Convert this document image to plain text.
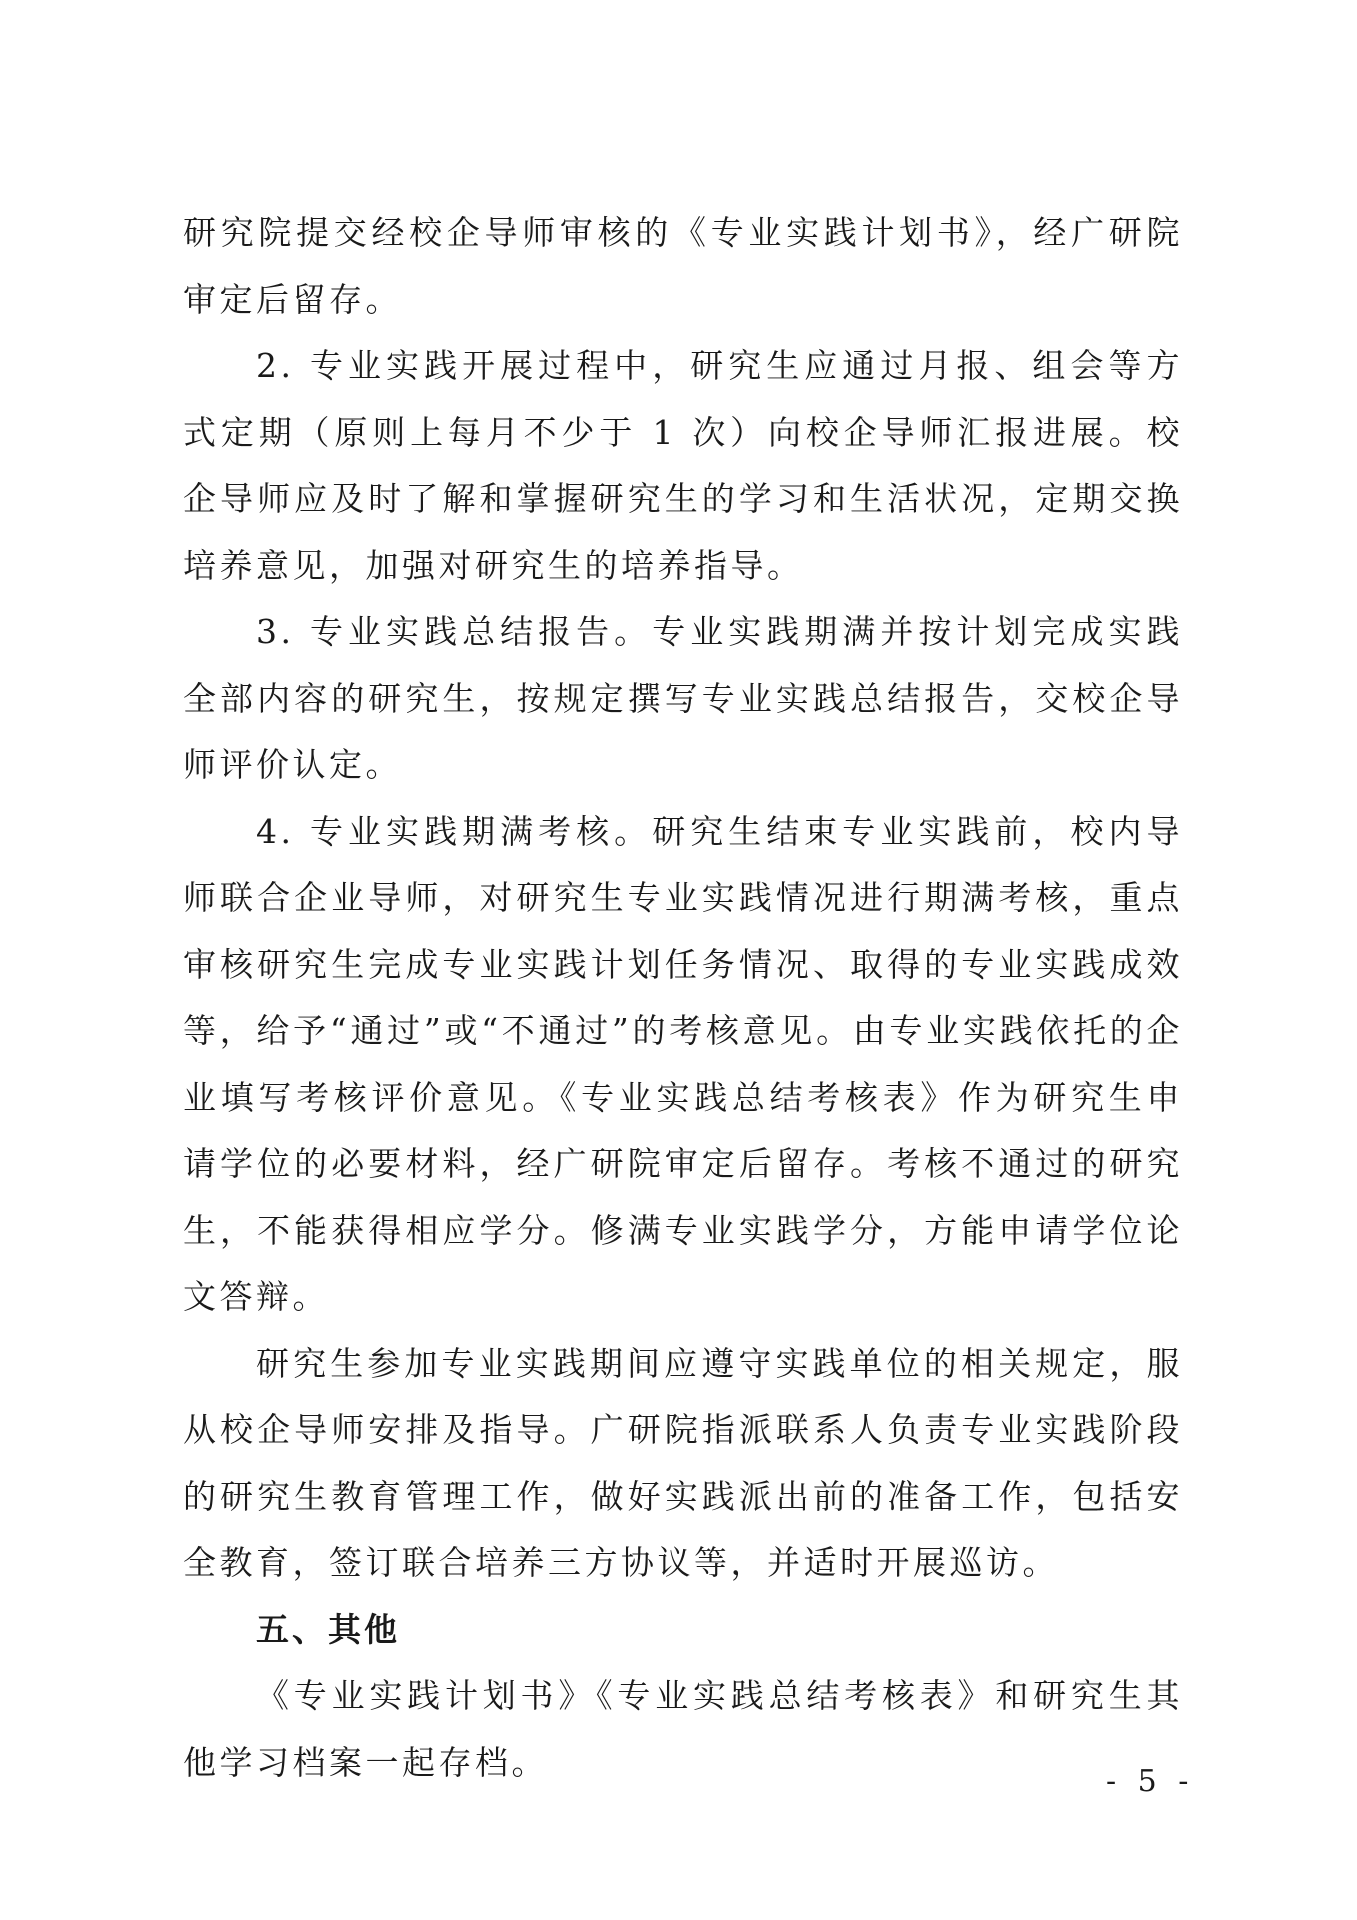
研究院提交经校企导师审核的《专业实践计划书》，经广研院审定后留存。

2. 专业实践开展过程中，研究生应通过月报、组会等方式定期（原则上每月不少于 1 次）向校企导师汇报进展。校企导师应及时了解和掌握研究生的学习和生活状况，定期交换培养意见，加强对研究生的培养指导。

3. 专业实践总结报告。专业实践期满并按计划完成实践全部内容的研究生，按规定撰写专业实践总结报告，交校企导师评价认定。

4. 专业实践期满考核。研究生结束专业实践前，校内导师联合企业导师，对研究生专业实践情况进行期满考核，重点审核研究生完成专业实践计划任务情况、取得的专业实践成效等，给予“通过”或“不通过”的考核意见。由专业实践依托的企业填写考核评价意见。《专业实践总结考核表》作为研究生申请学位的必要材料，经广研院审定后留存。考核不通过的研究生，不能获得相应学分。修满专业实践学分，方能申请学位论文答辩。

研究生参加专业实践期间应遵守实践单位的相关规定，服从校企导师安排及指导。广研院指派联系人负责专业实践阶段的研究生教育管理工作，做好实践派出前的准备工作，包括安全教育，签订联合培养三方协议等，并适时开展巡访。

五、其他

《专业实践计划书》《专业实践总结考核表》和研究生其他学习档案一起存档。	- 5 -
